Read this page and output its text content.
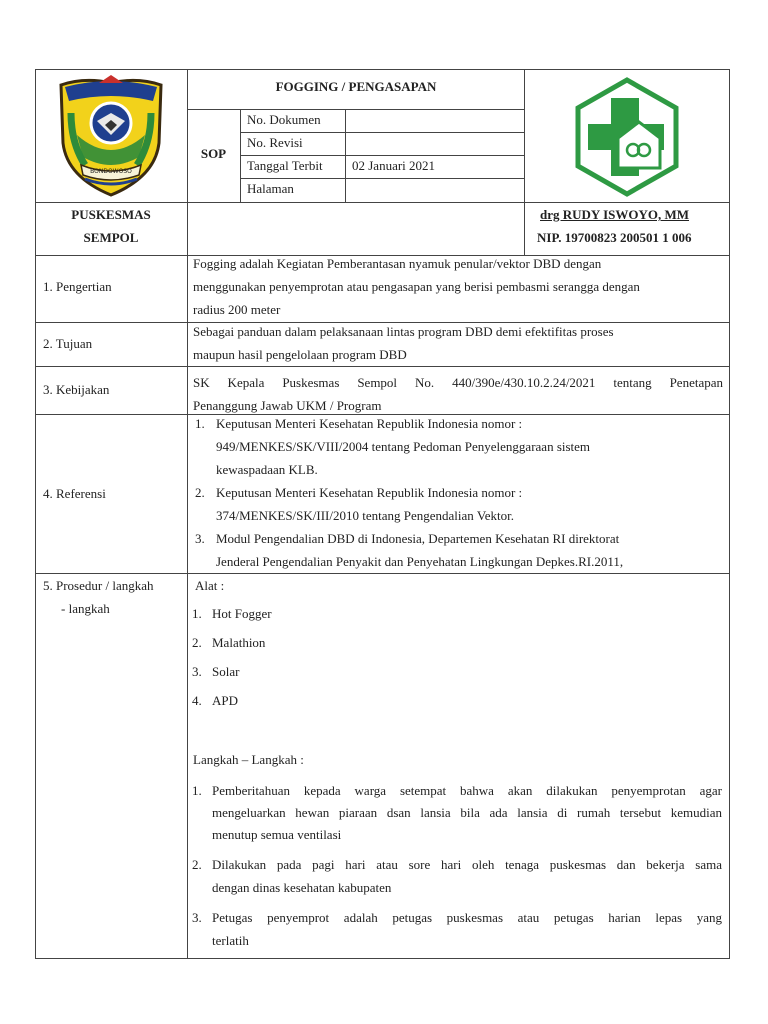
BONDOWOSO
FOGGING / PENGASAPAN
SOP
No. Dokumen
No. Revisi
Tanggal Terbit 02 Januari 2021
Halaman
PUSKESMAS
SEMPOL
drg RUDY ISWOYO, MM
NIP. 19700823 200501 1 006
1. Pengertian
Fogging adalah Kegiatan Pemberantasan nyamuk penular/vektor DBD dengan
menggunakan penyemprotan atau pengasapan yang berisi pembasmi serangga dengan
radius 200 meter
2. Tujuan
Sebagai panduan dalam pelaksanaan lintas program DBD demi efektifitas proses
maupun hasil pengelolaan program DBD
3. Kebijakan	SK Kepala Puskesmas Sempol No. 440/390e/430.10.2.24/2021 tentang Penetapan
Penanggung Jawab UKM / Program
4. Referensi
1. Keputusan Menteri Kesehatan Republik Indonesia nomor :
949/MENKES/SK/VIII/2004 tentang Pedoman Penyelenggaraan sistem
kewaspadaan KLB.
2. Keputusan Menteri Kesehatan Republik Indonesia nomor :
374/MENKES/SK/III/2010 tentang Pengendalian Vektor.
3. Modul Pengendalian DBD di Indonesia, Departemen Kesehatan RI direktorat
Jenderal Pengendalian Penyakit dan Penyehatan Lingkungan Depkes.RI.2011,
5. Prosedur / langkah
- langkah
Alat :
1. Hot Fogger
2. Malathion
3. Solar
4. APD
Langkah – Langkah :
1. Pemberitahuan kepada warga setempat bahwa akan dilakukan penyemprotan agar
mengeluarkan hewan piaraan dsan lansia bila ada lansia di rumah tersebut kemudian
menutup semua ventilasi
2. Dilakukan pada pagi hari atau sore hari oleh tenaga puskesmas dan bekerja sama
dengan dinas kesehatan kabupaten
3. Petugas penyemprot adalah petugas puskesmas atau petugas harian lepas yang
terlatih
